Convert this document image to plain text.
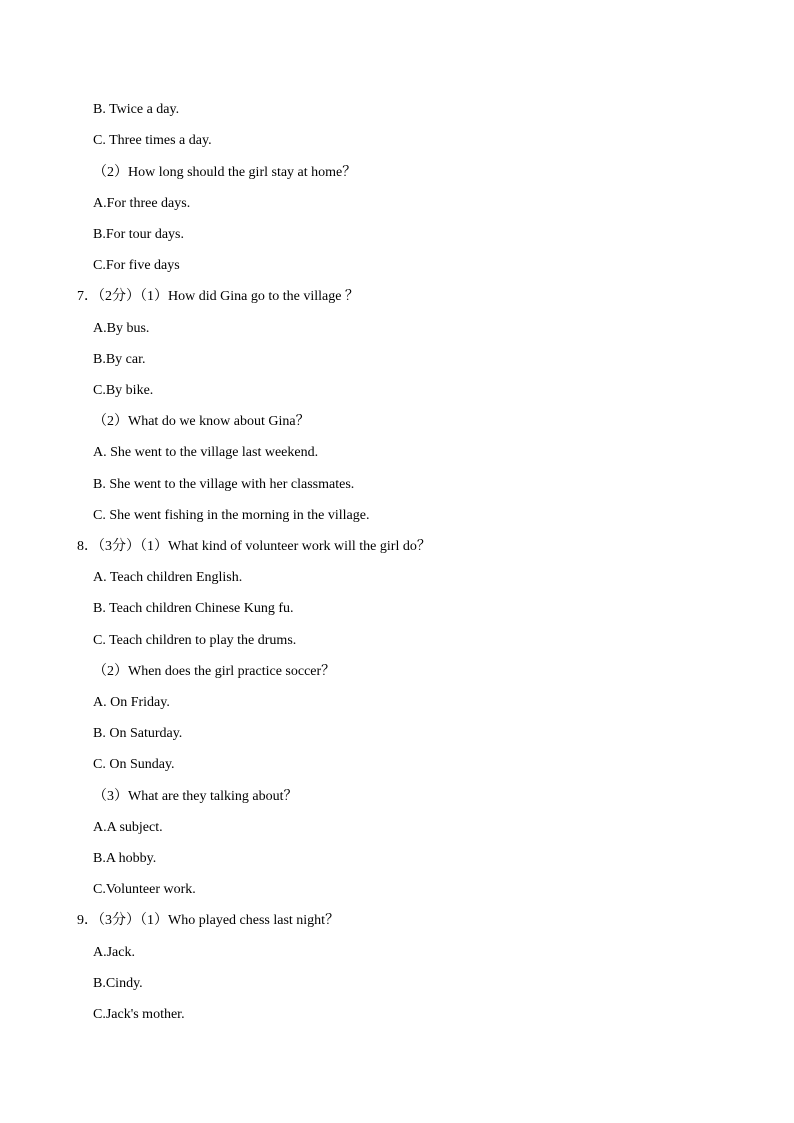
B. Twice a day.
C. Three times a day.
（2）How long should the girl stay at home？
A.For three days.
B.For tour days.
C.For five days
7．（2分）（1）How did Gina go to the village ？
A.By bus.
B.By car.
C.By bike.
（2）What do we know about Gina？
A. She went to the village last weekend.
B. She went to the village with her classmates.
C. She went fishing in the morning in the village.
8．（3分）（1）What kind of volunteer work will the girl do？
A. Teach children English.
B. Teach children Chinese Kung fu.
C. Teach children to play the drums.
（2）When does the girl practice soccer？
A. On Friday.
B. On Saturday.
C. On Sunday.
（3）What are they talking about？
A.A subject.
B.A hobby.
C.Volunteer work.
9．（3分）（1）Who played chess last night？
A.Jack.
B.Cindy.
C.Jack's mother.
